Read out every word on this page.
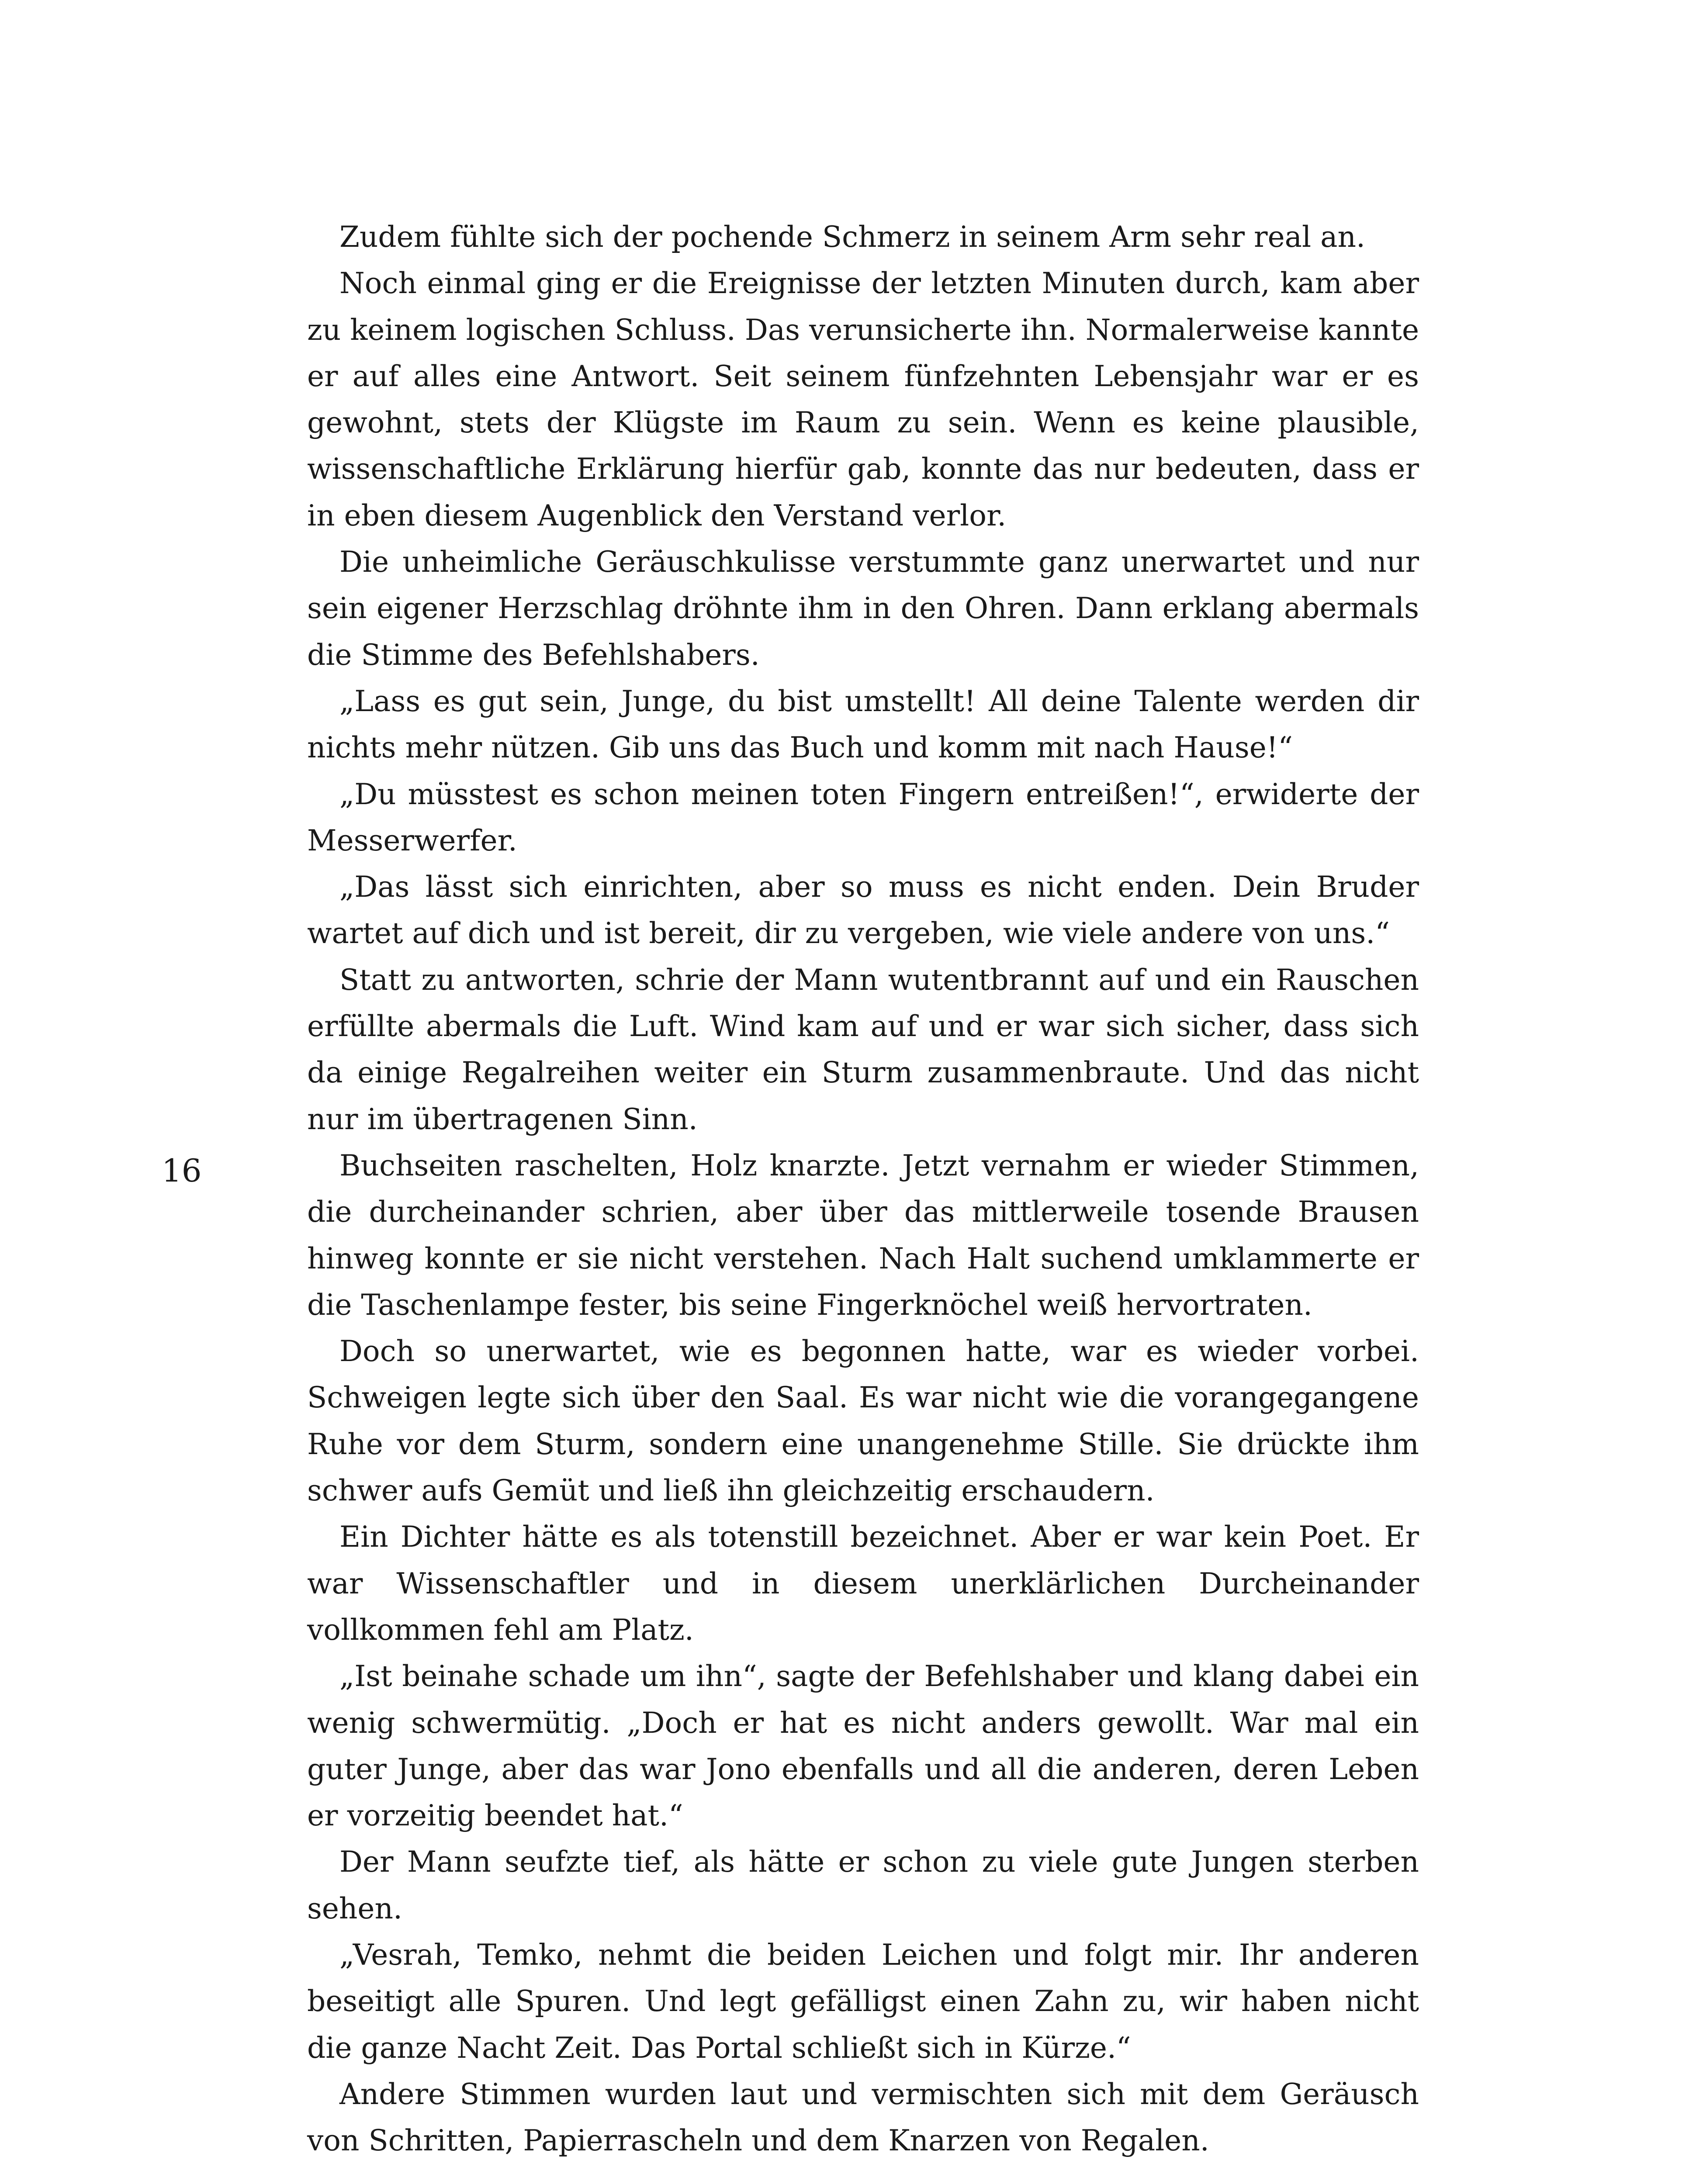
16

Zudem fühlte sich der pochende Schmerz in seinem Arm sehr real an.

Noch einmal ging er die Ereignisse der letzten Minuten durch, kam aber zu keinem logischen Schluss. Das verunsicherte ihn. Normalerweise kannte er auf alles eine Antwort. Seit seinem fünfzehnten Lebensjahr war er es gewohnt, stets der Klügste im Raum zu sein. Wenn es keine plausible, wissenschaftliche Erklärung hierfür gab, konnte das nur bedeuten, dass er in eben diesem Augenblick den Verstand verlor.

Die unheimliche Geräuschkulisse verstummte ganz unerwartet und nur sein eigener Herzschlag dröhnte ihm in den Ohren. Dann erklang abermals die Stimme des Befehlshabers.

„Lass es gut sein, Junge, du bist umstellt! All deine Talente werden dir nichts mehr nützen. Gib uns das Buch und komm mit nach Hause!“

„Du müsstest es schon meinen toten Fingern entreißen!“, erwiderte der Messerwerfer.

„Das lässt sich einrichten, aber so muss es nicht enden. Dein Bruder wartet auf dich und ist bereit, dir zu vergeben, wie viele andere von uns.“

Statt zu antworten, schrie der Mann wutentbrannt auf und ein Rauschen erfüllte abermals die Luft. Wind kam auf und er war sich sicher, dass sich da einige Regalreihen weiter ein Sturm zusammenbraute. Und das nicht nur im übertragenen Sinn.

Buchseiten raschelten, Holz knarzte. Jetzt vernahm er wieder Stimmen, die durcheinander schrien, aber über das mittlerweile tosende Brausen hinweg konnte er sie nicht verstehen. Nach Halt suchend umklammerte er die Taschenlampe fester, bis seine Fingerknöchel weiß hervortraten.

Doch so unerwartet, wie es begonnen hatte, war es wieder vorbei. Schweigen legte sich über den Saal. Es war nicht wie die vorangegangene Ruhe vor dem Sturm, sondern eine unangenehme Stille. Sie drückte ihm schwer aufs Gemüt und ließ ihn gleichzeitig erschaudern.

Ein Dichter hätte es als totenstill bezeichnet. Aber er war kein Poet. Er war Wissenschaftler und in diesem unerklärlichen Durcheinander vollkommen fehl am Platz.

„Ist beinahe schade um ihn“, sagte der Befehlshaber und klang dabei ein wenig schwermütig. „Doch er hat es nicht anders gewollt. War mal ein guter Junge, aber das war Jono ebenfalls und all die anderen, deren Leben er vorzeitig beendet hat.“

Der Mann seufzte tief, als hätte er schon zu viele gute Jungen sterben sehen.

„Vesrah, Temko, nehmt die beiden Leichen und folgt mir. Ihr anderen beseitigt alle Spuren. Und legt gefälligst einen Zahn zu, wir haben nicht die ganze Nacht Zeit. Das Portal schließt sich in Kürze.“

Andere Stimmen wurden laut und vermischten sich mit dem Geräusch von Schritten, Papierrascheln und dem Knarzen von Regalen.
